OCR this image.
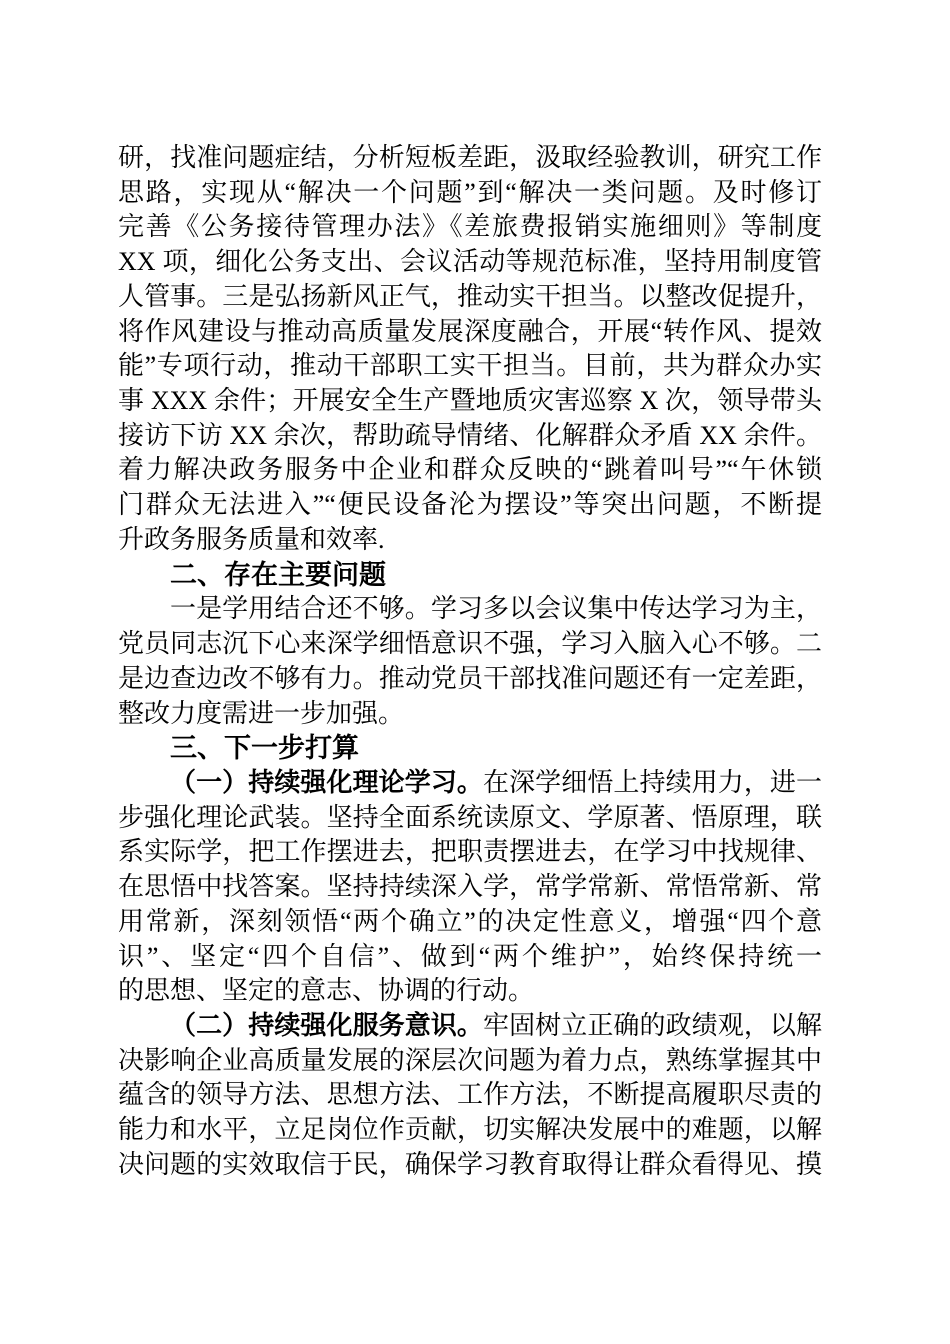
研，找准问题症结，分析短板差距，汲取经验教训，研究工作
思路，实现从“解决一个问题”到“解决一类问题。及时修订
完善《公务接待管理办法》《差旅费报销实施细则》等制度
XX 项，细化公务支出、会议活动等规范标准，坚持用制度管
人管事。三是弘扬新风正气，推动实干担当。以整改促提升，
将作风建设与推动高质量发展深度融合，开展“转作风、提效
能”专项行动，推动干部职工实干担当。目前，共为群众办实
事 XXX 余件；开展安全生产暨地质灾害巡察 X 次，领导带头
接访下访 XX 余次，帮助疏导情绪、化解群众矛盾 XX 余件。
着力解决政务服务中企业和群众反映的“跳着叫号”“午休锁
门群众无法进入”“便民设备沦为摆设”等突出问题，不断提
升政务服务质量和效率.
二、存在主要问题
一是学用结合还不够。学习多以会议集中传达学习为主，
党员同志沉下心来深学细悟意识不强，学习入脑入心不够。二
是边查边改不够有力。推动党员干部找准问题还有一定差距，
整改力度需进一步加强。
三、下一步打算
（一）持续强化理论学习。在深学细悟上持续用力，进一
步强化理论武装。坚持全面系统读原文、学原著、悟原理，联
系实际学，把工作摆进去，把职责摆进去，在学习中找规律、
在思悟中找答案。坚持持续深入学，常学常新、常悟常新、常
用常新，深刻领悟“两个确立”的决定性意义，增强“四个意
识”、坚定“四个自信”、做到“两个维护”，始终保持统一
的思想、坚定的意志、协调的行动。
（二）持续强化服务意识。牢固树立正确的政绩观，以解
决影响企业高质量发展的深层次问题为着力点，熟练掌握其中
蕴含的领导方法、思想方法、工作方法，不断提高履职尽责的
能力和水平，立足岗位作贡献，切实解决发展中的难题，以解
决问题的实效取信于民，确保学习教育取得让群众看得见、摸
